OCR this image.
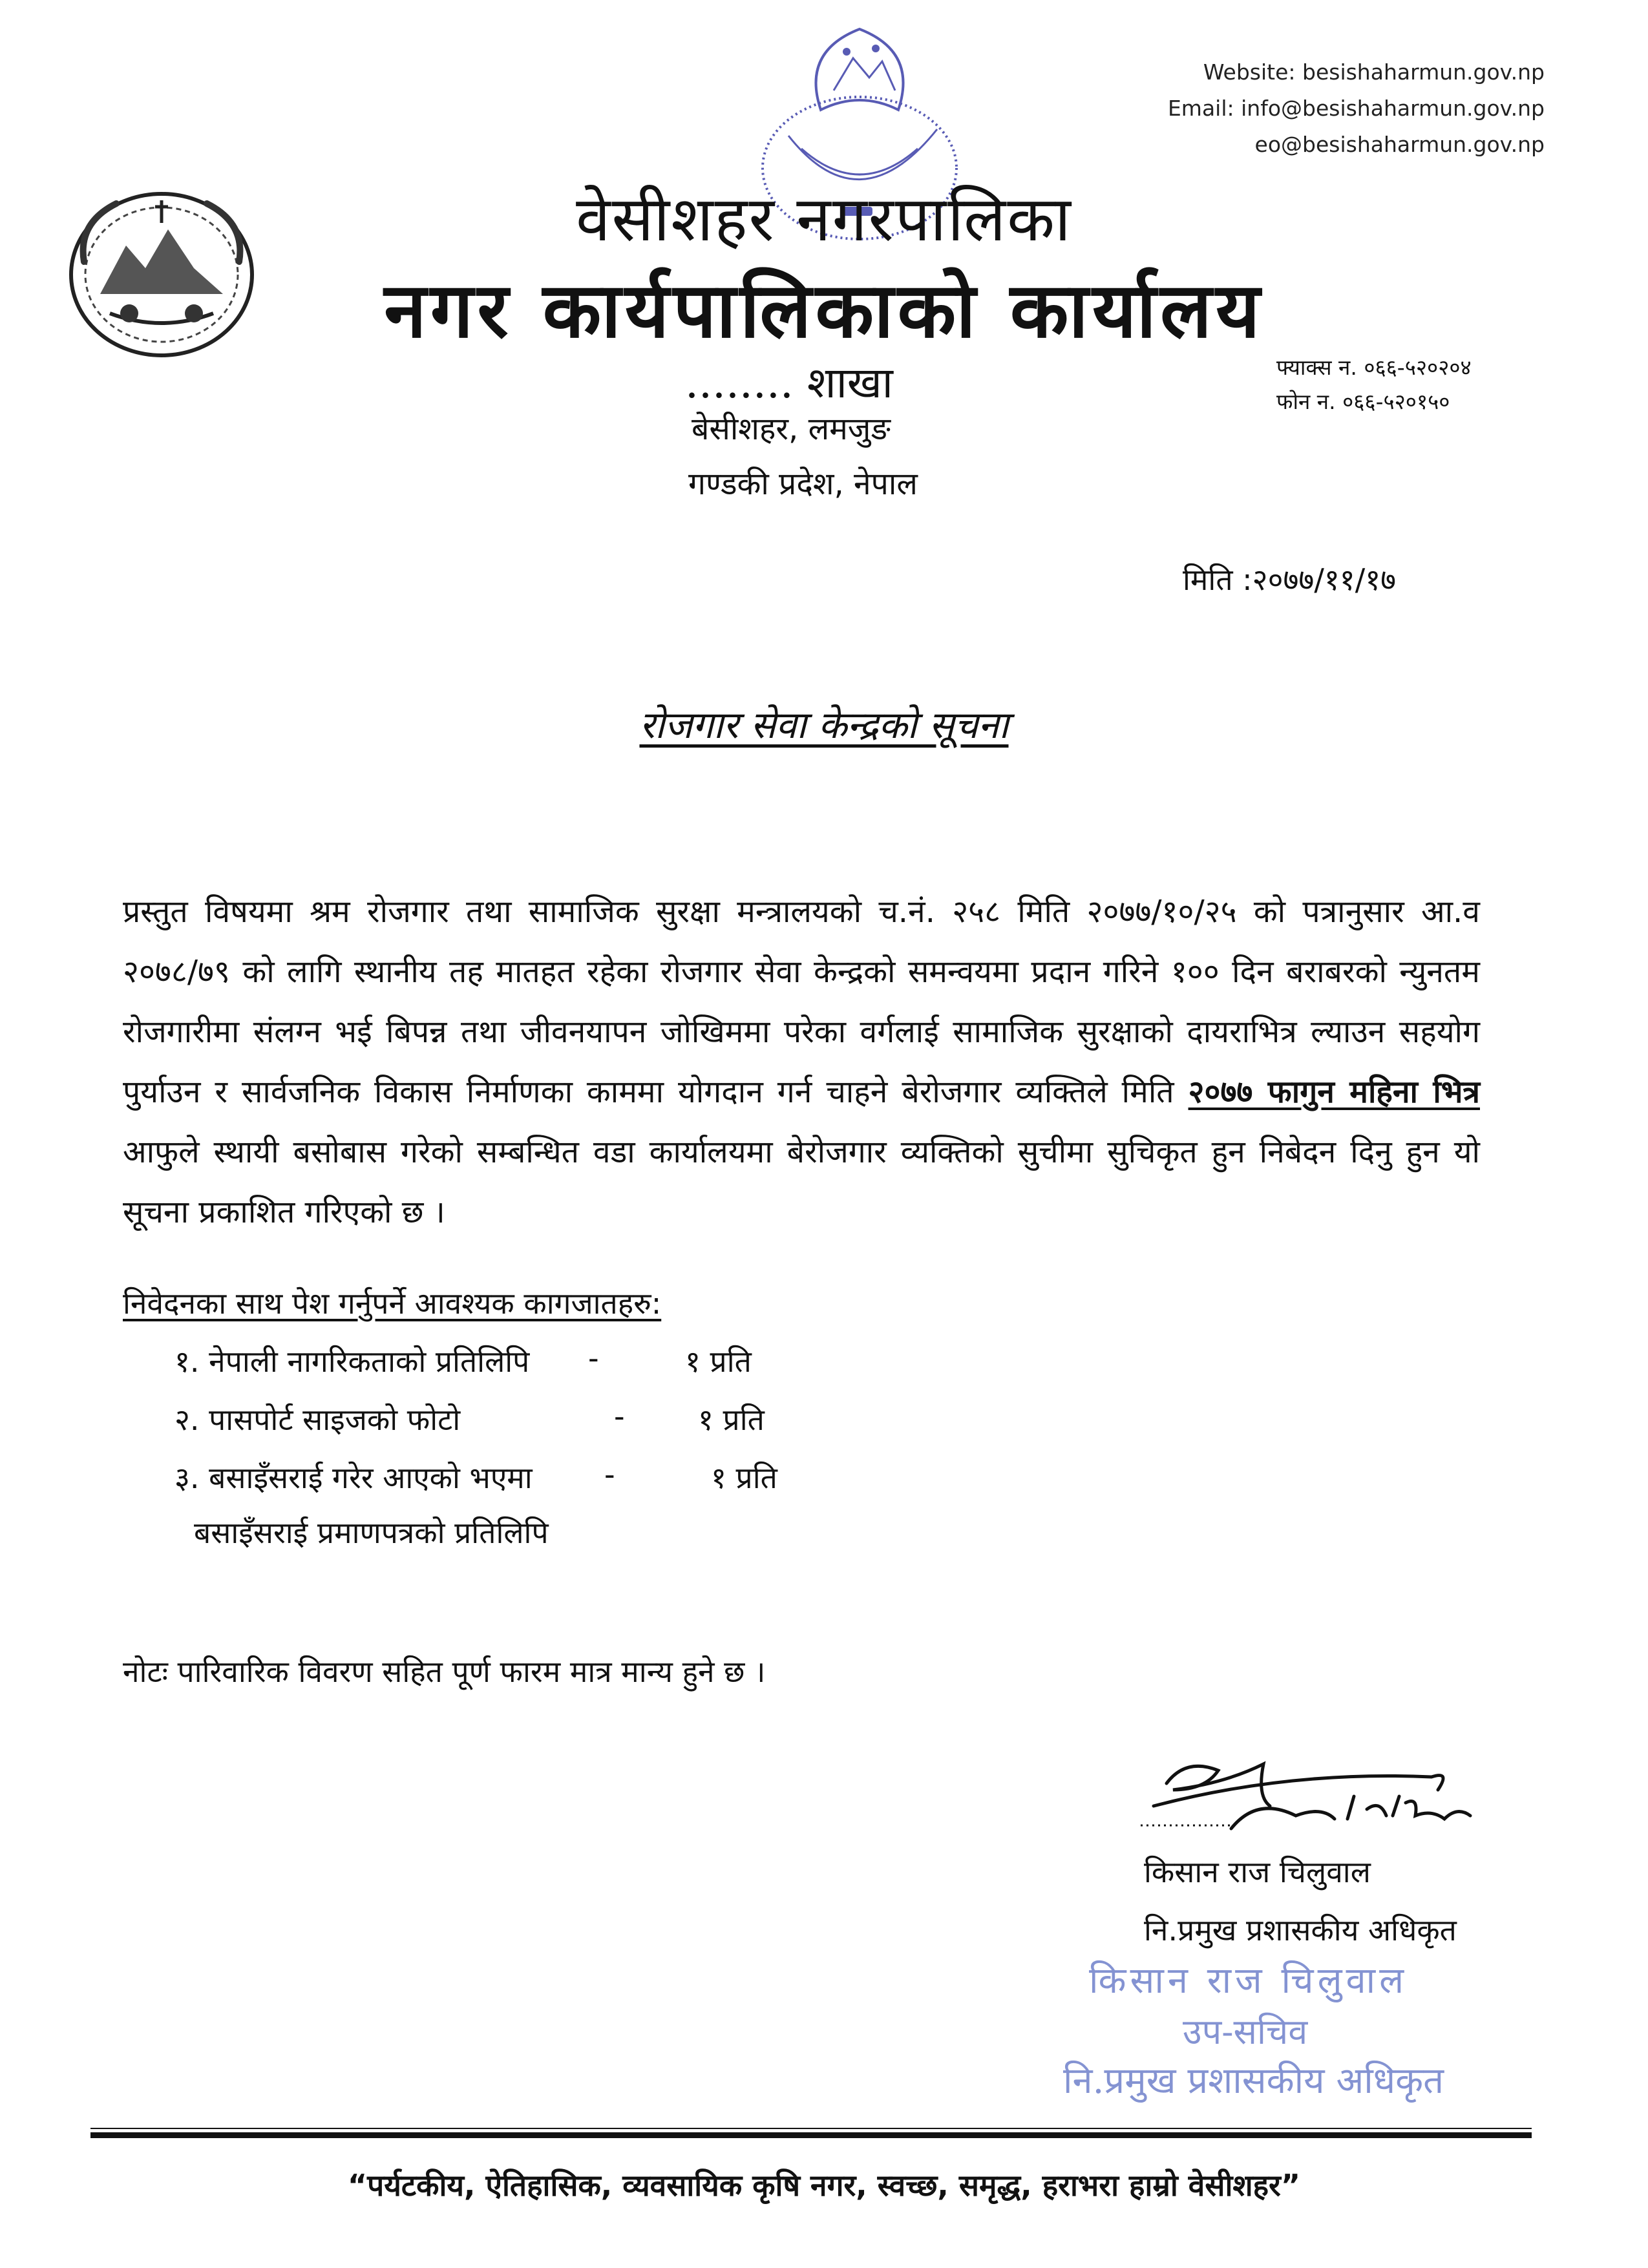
Website: besishaharmun.gov.np
Email: info@besishaharmun.gov.np
eo@besishaharmun.gov.np
वेसीशहर नगरपालिका
नगर कार्यपालिकाको कार्यालय
........ शाखा
बेसीशहर, लमजुङ
गण्डकी प्रदेश, नेपाल
फ्याक्स न. ०६६-५२०२०४
फोन न. ०६६-५२०१५०
मिति :२०७७/११/१७
रोजगार सेवा केन्द्रको सूचना
प्रस्तुत विषयमा श्रम रोजगार तथा सामाजिक सुरक्षा मन्त्रालयको च.नं. २५८ मिति २०७७/१०/२५ को पत्रानुसार आ.व २०७८/७९ को लागि स्थानीय तह मातहत रहेका रोजगार सेवा केन्द्रको समन्वयमा प्रदान गरिने १०० दिन बराबरको न्युनतम रोजगारीमा संलग्न भई बिपन्न तथा जीवनयापन जोखिममा परेका वर्गलाई सामाजिक सुरक्षाको दायराभित्र ल्याउन सहयोग पुर्याउन र सार्वजनिक विकास निर्माणका काममा योगदान गर्न चाहने बेरोजगार व्यक्तिले मिति २०७७ फागुन महिना भित्र आफुले स्थायी बसोबास गरेको सम्बन्धित वडा कार्यालयमा बेरोजगार व्यक्तिको सुचीमा सुचिकृत हुन निबेदन दिनु हुन यो सूचना प्रकाशित गरिएको छ ।
निवेदनका साथ पेश गर्नुपर्ने आवश्यक कागजातहरु:
१. नेपाली नागरिकताको प्रतिलिपि -	१ प्रति
२. पासपोर्ट साइजको फोटो	- १ प्रति
३. बसाइँसराई गरेर आएको भएमा -	१ प्रति
बसाइँसराई प्रमाणपत्रको प्रतिलिपि
नोटः पारिवारिक विवरण सहित पूर्ण फारम मात्र मान्य हुने छ ।
किसान राज चिलुवाल
नि.प्रमुख प्रशासकीय अधिकृत
किसान राज चिलुवाल
उप-सचिव
नि.प्रमुख प्रशासकीय अधिकृत
“पर्यटकीय, ऐतिहासिक, व्यवसायिक कृषि नगर, स्वच्छ, समृद्ध, हराभरा हाम्रो वेसीशहर”
